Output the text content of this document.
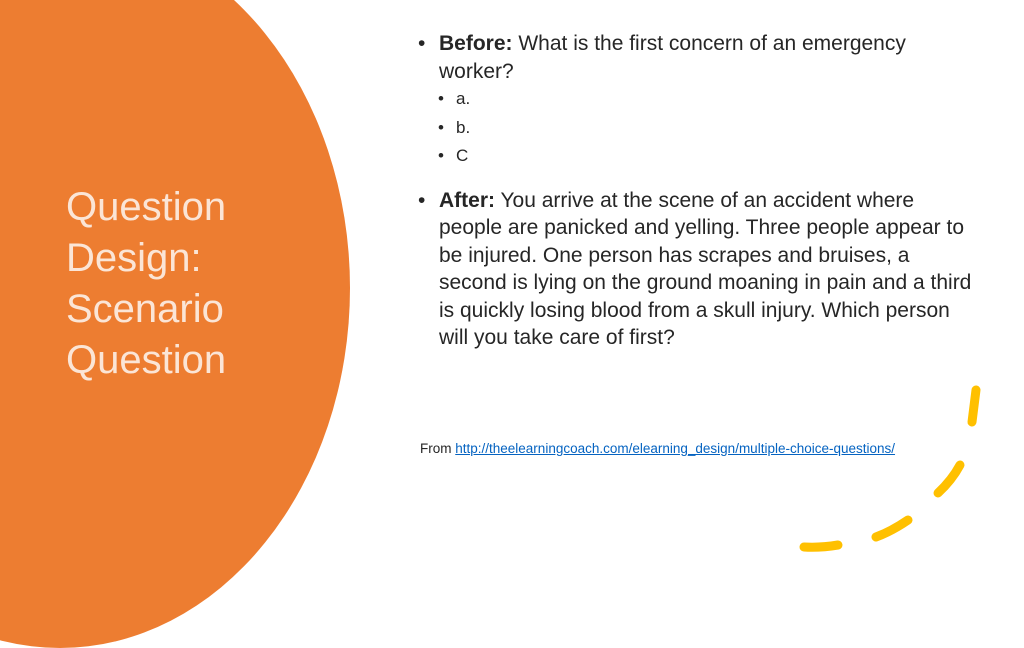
Question
Design:
Scenario
Question
• Before: What is the first concern of an emergency worker?
• a.
• b.
• C
• After: You arrive at the scene of an accident where people are panicked and yelling. Three people appear to be injured. One person has scrapes and bruises, a second is lying on the ground moaning in pain and a third is quickly losing blood from a skull injury. Which person will you take care of first?
From http://theelearningcoach.com/elearning_design/multiple-choice-questions/
